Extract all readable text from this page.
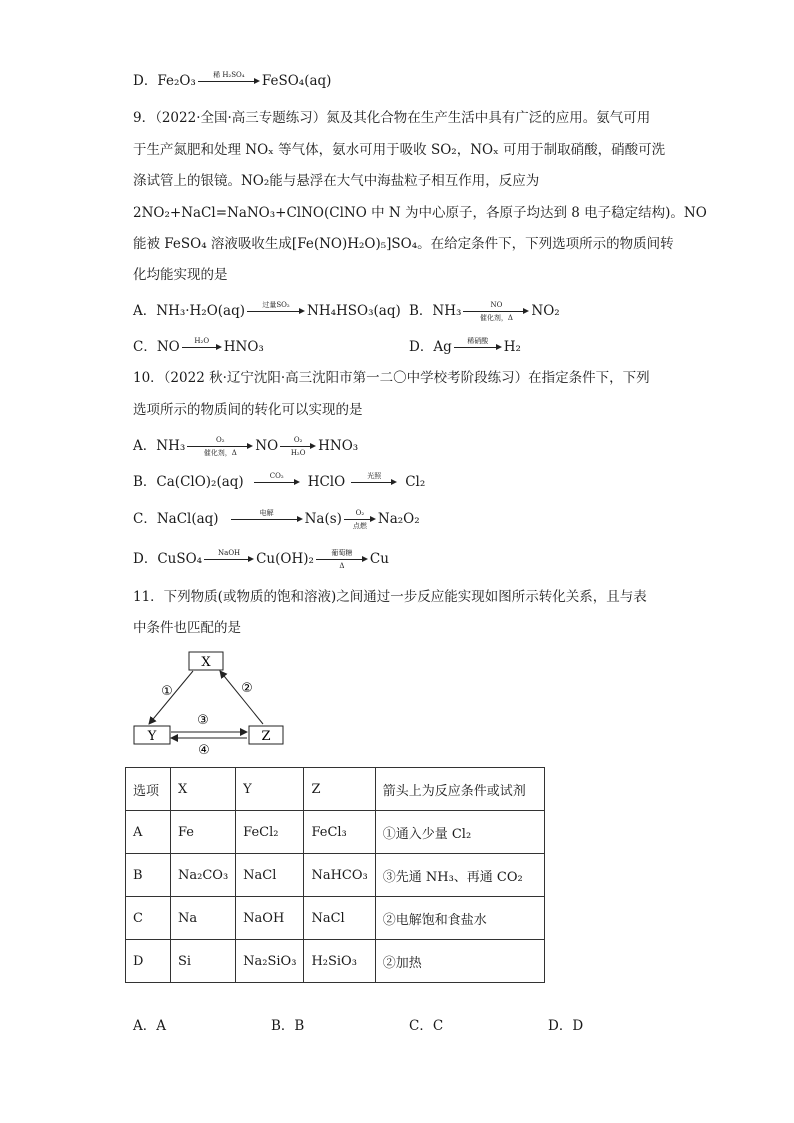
D．Fe₂O₃	稀 H₂SO₄	FeSO₄(aq)
9．（2022·全国·高三专题练习）氮及其化合物在生产生活中具有广泛的应用。氨气可用
于生产氮肥和处理 NOₓ 等气体，氨水可用于吸收 SO₂，NOₓ 可用于制取硝酸，硝酸可洗
涤试管上的银镜。NO₂能与悬浮在大气中海盐粒子相互作用，反应为
2NO₂+NaCl=NaNO₃+ClNO(ClNO 中 N 为中心原子，各原子均达到 8 电子稳定结构)。NO
能被 FeSO₄ 溶液吸收生成[Fe(NO)H₂O)₅]SO₄。在给定条件下，下列选项所示的物质间转
化均能实现的是
A．NH₃·H₂O(aq)	过量SO₂	NH₄HSO₃(aq) B．NH₃	NO
催化剂，Δ	NO₂
C．NO	H₂O	HNO₃	D．Ag	稀硝酸	H₂
10．（2022 秋·辽宁沈阳·高三沈阳市第一二〇中学校考阶段练习）在指定条件下，下列
选项所示的物质间的转化可以实现的是
A．NH₃	O₂
催化剂，Δ	NO	O₂
H₂O HNO₃
B．Ca(ClO)₂(aq)	CO₂	HClO	光照	Cl₂
C．NaCl(aq)	电解	Na(s)	O₂
点燃 Na₂O₂
D．CuSO₄	NaOH	Cu(OH)₂	葡萄糖
Δ	Cu
11．下列物质(或物质的饱和溶液)之间通过一步反应能实现如图所示转化关系，且与表
中条件也匹配的是
X
Y	Z
①	②
③
④
选项	X	Y	Z	箭头上为反应条件或试剂
A	Fe	FeCl₂	FeCl₃	①通入少量 Cl₂
B	Na₂CO₃	NaCl	NaHCO₃	③先通 NH₃、再通 CO₂
C	Na	NaOH	NaCl	②电解饱和食盐水
D	Si	Na₂SiO₃	H₂SiO₃	②加热
A．A	B．B	C．C	D．D
